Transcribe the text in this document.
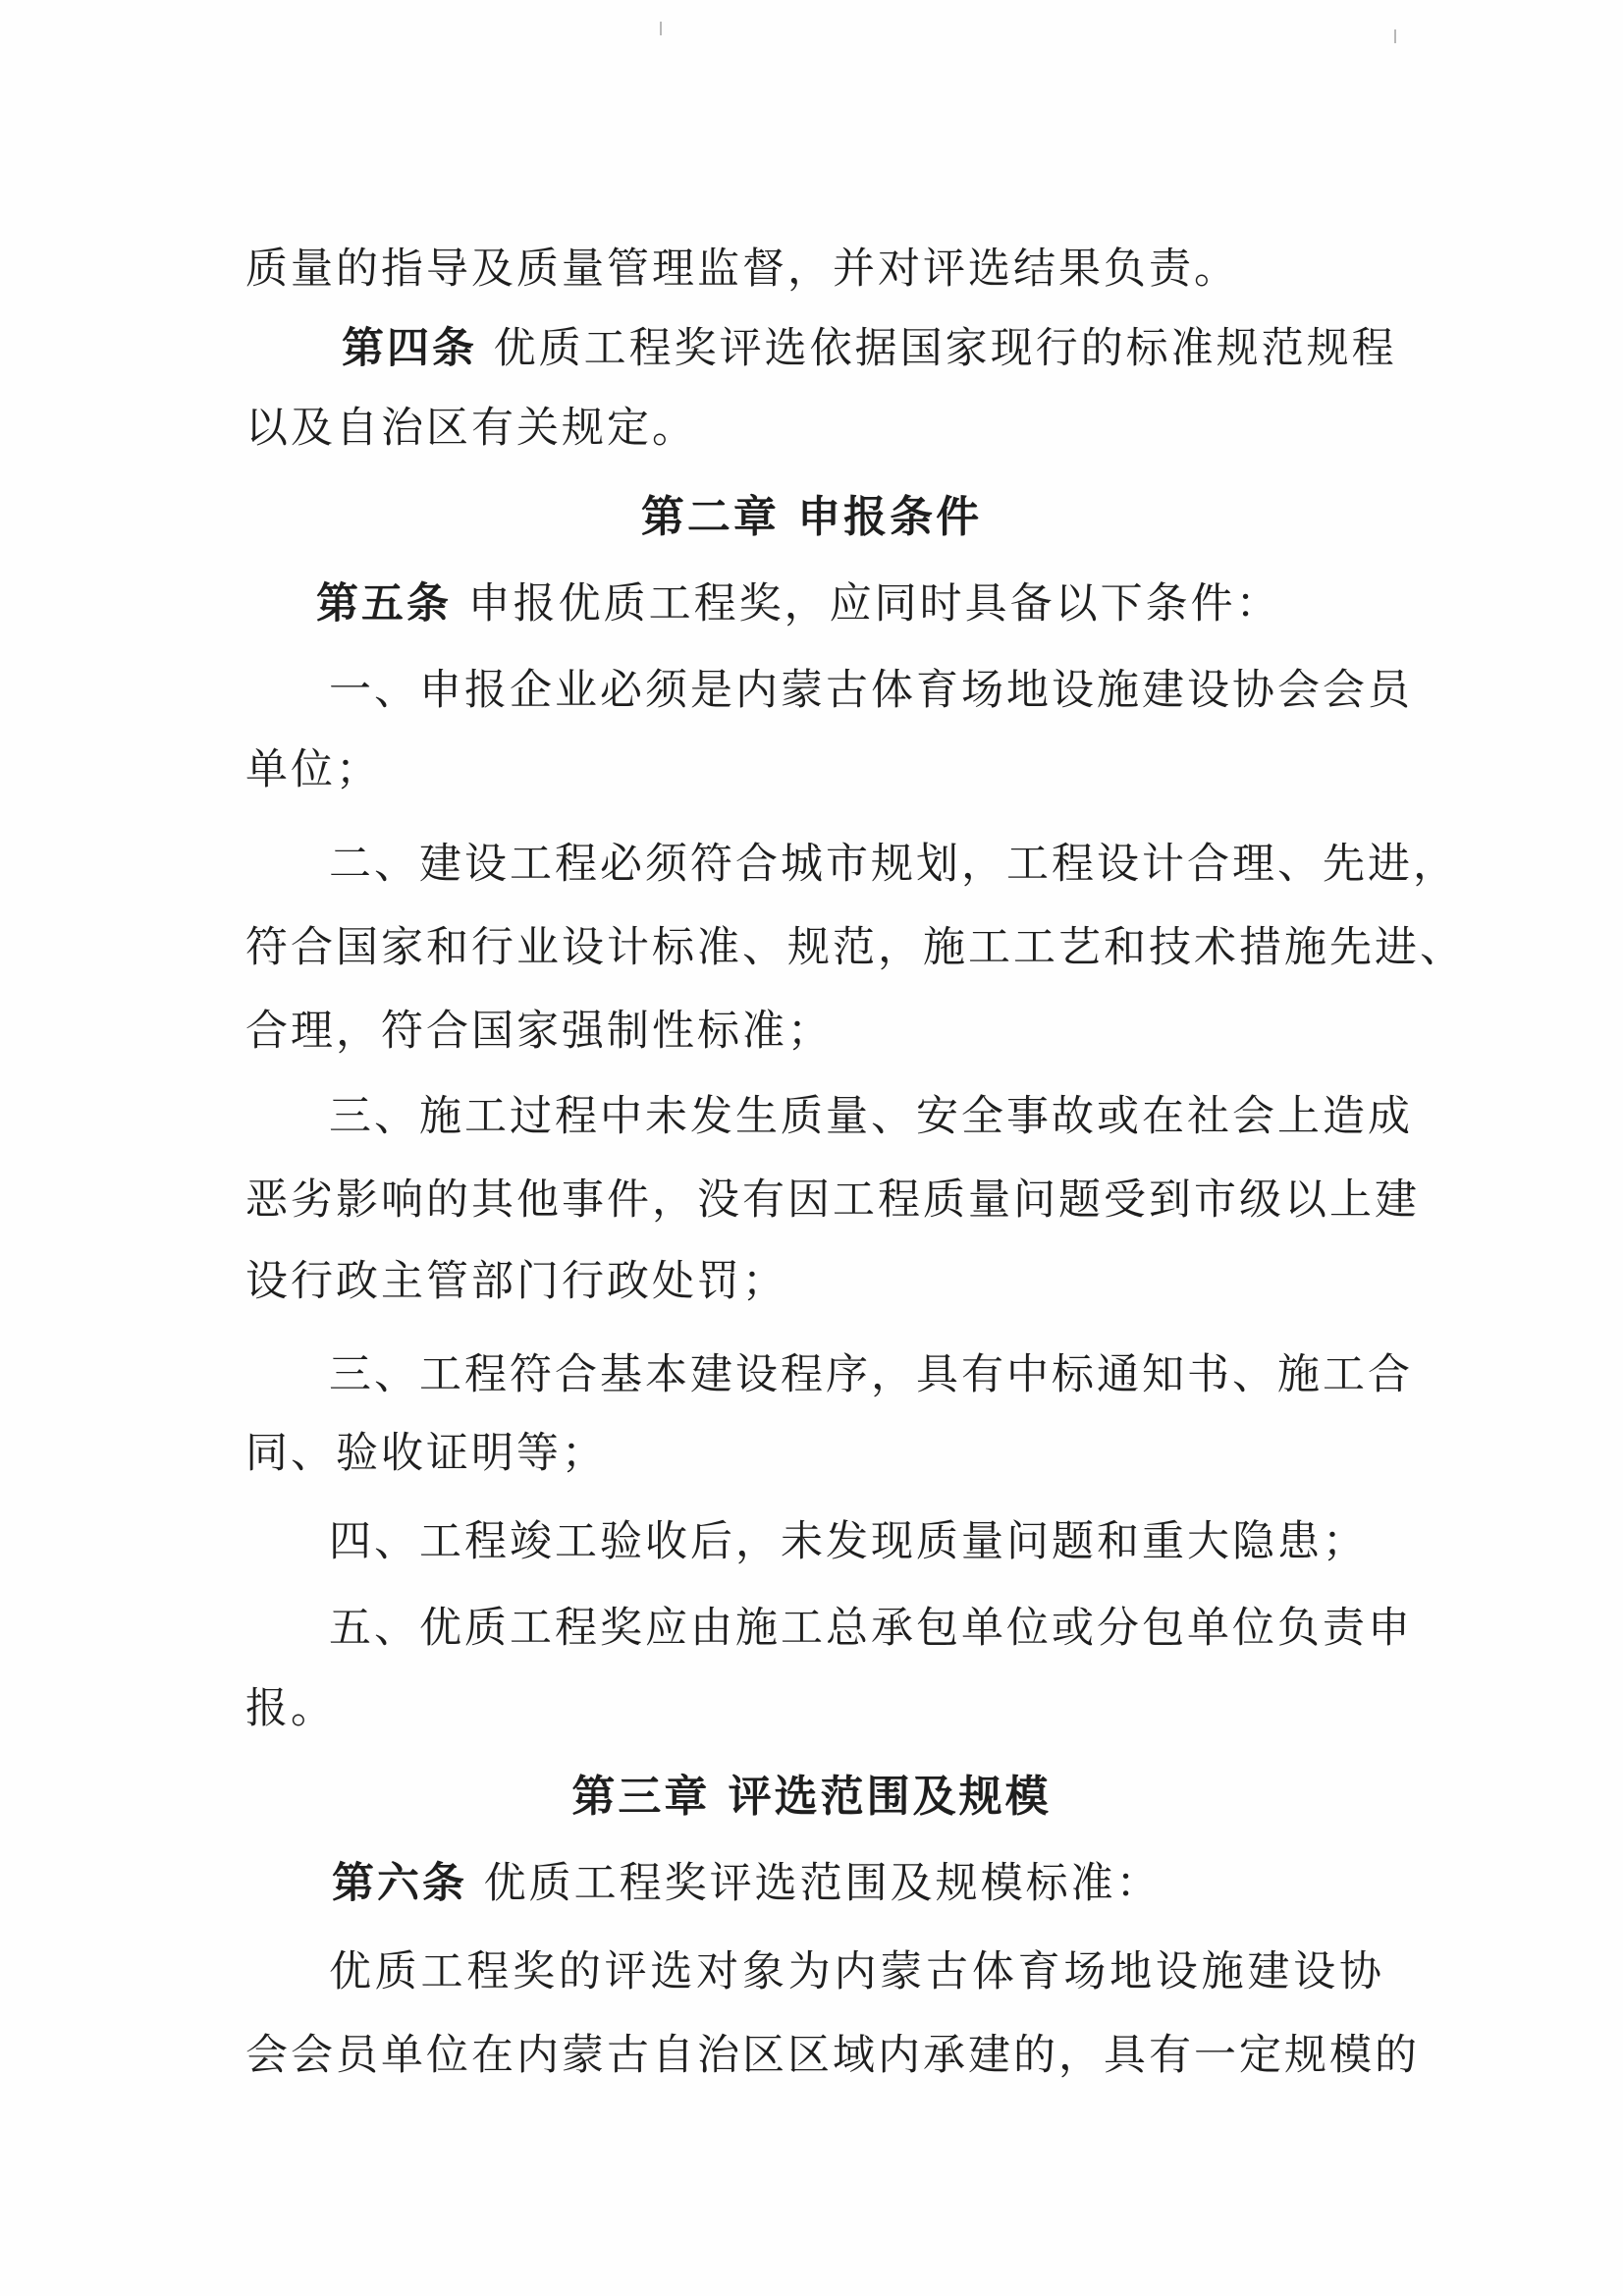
质量的指导及质量管理监督，并对评选结果负责。
第四条 优质工程奖评选依据国家现行的标准规范规程
以及自治区有关规定。
第二章 申报条件
第五条 申报优质工程奖，应同时具备以下条件：
一、申报企业必须是内蒙古体育场地设施建设协会会员
单位；
二、建设工程必须符合城市规划，工程设计合理、先进，
符合国家和行业设计标准、规范，施工工艺和技术措施先进、
合理，符合国家强制性标准；
三、施工过程中未发生质量、安全事故或在社会上造成
恶劣影响的其他事件，没有因工程质量问题受到市级以上建
设行政主管部门行政处罚；
三、工程符合基本建设程序，具有中标通知书、施工合
同、验收证明等；
四、工程竣工验收后，未发现质量问题和重大隐患；
五、优质工程奖应由施工总承包单位或分包单位负责申
报。
第三章 评选范围及规模
第六条 优质工程奖评选范围及规模标准：
优质工程奖的评选对象为内蒙古体育场地设施建设协
会会员单位在内蒙古自治区区域内承建的，具有一定规模的
